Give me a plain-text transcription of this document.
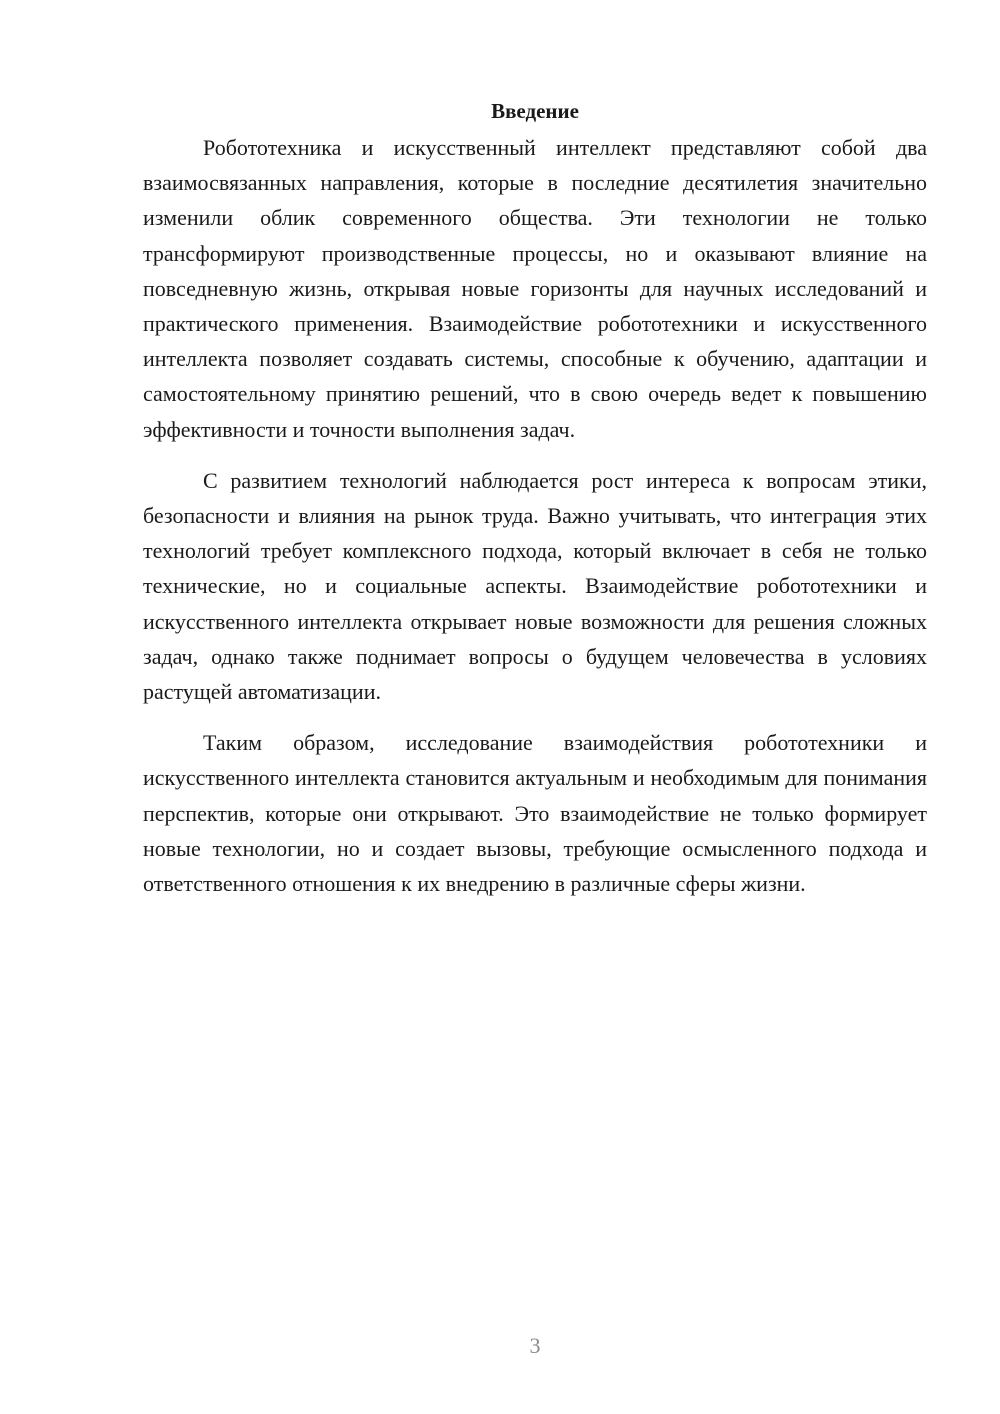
Введение

Робототехника и искусственный интеллект представляют собой два взаимосвязанных направления, которые в последние десятилетия значительно изменили облик современного общества. Эти технологии не только трансформируют производственные процессы, но и оказывают влияние на повседневную жизнь, открывая новые горизонты для научных исследований и практического применения. Взаимодействие робототехники и искусственного интеллекта позволяет создавать системы, способные к обучению, адаптации и самостоятельному принятию решений, что в свою очередь ведет к повышению эффективности и точности выполнения задач.

С развитием технологий наблюдается рост интереса к вопросам этики, безопасности и влияния на рынок труда. Важно учитывать, что интеграция этих технологий требует комплексного подхода, который включает в себя не только технические, но и социальные аспекты. Взаимодействие робототехники и искусственного интеллекта открывает новые возможности для решения сложных задач, однако также поднимает вопросы о будущем человечества в условиях растущей автоматизации.

Таким образом, исследование взаимодействия робототехники и искусственного интеллекта становится актуальным и необходимым для понимания перспектив, которые они открывают. Это взаимодействие не только формирует новые технологии, но и создает вызовы, требующие осмысленного подхода и ответственного отношения к их внедрению в различные сферы жизни.

3
